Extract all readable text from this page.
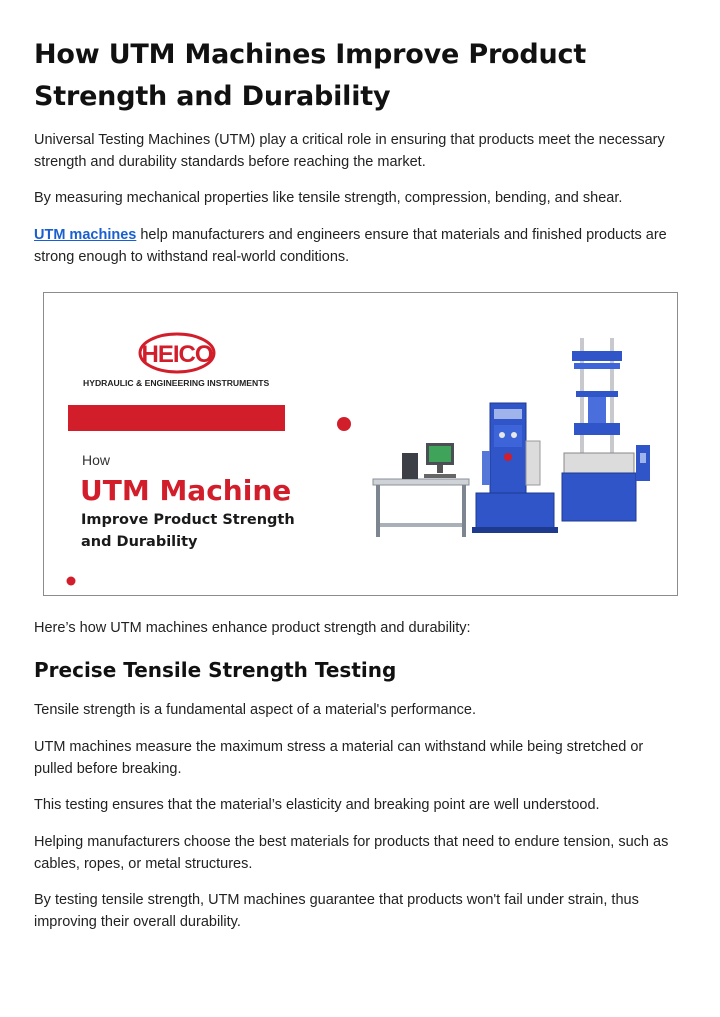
How UTM Machines Improve Product Strength and Durability

Universal Testing Machines (UTM) play a critical role in ensuring that products meet the necessary strength and durability standards before reaching the market.

By measuring mechanical properties like tensile strength, compression, bending, and shear.

UTM machines help manufacturers and engineers ensure that materials and finished products are strong enough to withstand real-world conditions.

HEICO
HYDRAULIC & ENGINEERING INSTRUMENTS
How
UTM Machine
Improve Product Strength
and Durability

Here’s how UTM machines enhance product strength and durability:

Precise Tensile Strength Testing

Tensile strength is a fundamental aspect of a material's performance.

UTM machines measure the maximum stress a material can withstand while being stretched or pulled before breaking.

This testing ensures that the material’s elasticity and breaking point are well understood.

Helping manufacturers choose the best materials for products that need to endure tension, such as cables, ropes, or metal structures.

By testing tensile strength, UTM machines guarantee that products won't fail under strain, thus improving their overall durability.
